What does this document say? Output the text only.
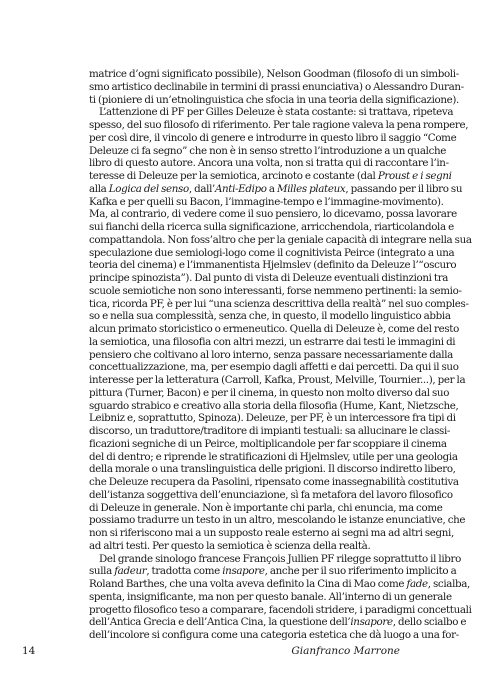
matrice d’ogni significato possibile), Nelson Goodman (filosofo di un simboli-
smo artistico declinabile in termini di prassi enunciativa) o Alessandro Duran-
ti (pioniere di un’etnolinguistica che sfocia in una teoria della significazione).
L’attenzione di PF per Gilles Deleuze è stata costante: si trattava, ripeteva
spesso, del suo filosofo di riferimento. Per tale ragione valeva la pena rompere,
per così dire, il vincolo di genere e introdurre in questo libro il saggio “Come
Deleuze ci fa segno” che non è in senso stretto l’introduzione a un qualche
libro di questo autore. Ancora una volta, non si tratta qui di raccontare l’in-
teresse di Deleuze per la semiotica, arcinoto e costante (dal Proust e i segni
alla Logica del senso, dall’Anti-Edipo a Milles plateux, passando per il libro su
Kafka e per quelli su Bacon, l’immagine-tempo e l’immagine-movimento).
Ma, al contrario, di vedere come il suo pensiero, lo dicevamo, possa lavorare
sui fianchi della ricerca sulla significazione, arricchendola, riarticolandola e
compattandola. Non foss’altro che per la geniale capacità di integrare nella sua
speculazione due semiologi-logo come il cognitivista Peirce (integrato a una
teoria del cinema) e l’immanentista Hjelmslev (definito da Deleuze l’“oscuro
principe spinozista”). Dal punto di vista di Deleuze eventuali distinzioni tra
scuole semiotiche non sono interessanti, forse nemmeno pertinenti: la semio-
tica, ricorda PF, è per lui “una scienza descrittiva della realtà” nel suo comples-
so e nella sua complessità, senza che, in questo, il modello linguistico abbia
alcun primato storicistico o ermeneutico. Quella di Deleuze è, come del resto
la semiotica, una filosofia con altri mezzi, un estrarre dai testi le immagini di
pensiero che coltivano al loro interno, senza passare necessariamente dalla
concettualizzazione, ma, per esempio dagli affetti e dai percetti. Da qui il suo
interesse per la letteratura (Carroll, Kafka, Proust, Melville, Tournier...), per la
pittura (Turner, Bacon) e per il cinema, in questo non molto diverso dal suo
sguardo strabico e creativo alla storia della filosofia (Hume, Kant, Nietzsche,
Leibniz e, soprattutto, Spinoza). Deleuze, per PF, è un intercessore fra tipi di
discorso, un traduttore/traditore di impianti testuali: sa allucinare le classi-
ficazioni segniche di un Peirce, moltiplicandole per far scoppiare il cinema
del di dentro; e riprende le stratificazioni di Hjelmslev, utile per una geologia
della morale o una translinguistica delle prigioni. Il discorso indiretto libero,
che Deleuze recupera da Pasolini, ripensato come inassegnabilità costitutiva
dell’istanza soggettiva dell’enunciazione, sì fa metafora del lavoro filosofico
di Deleuze in generale. Non è importante chi parla, chi enuncia, ma come
possiamo tradurre un testo in un altro, mescolando le istanze enunciative, che
non si riferiscono mai a un supposto reale esterno ai segni ma ad altri segni,
ad altri testi. Per questo la semiotica è scienza della realtà.
Del grande sinologo francese François Jullien PF rilegge soprattutto il libro
sulla fadeur, tradotta come insapore, anche per il suo riferimento implicito a
Roland Barthes, che una volta aveva definito la Cina di Mao come fade, scialba,
spenta, insignificante, ma non per questo banale. All’interno di un generale
progetto filosofico teso a comparare, facendoli stridere, i paradigmi concettuali
dell’Antica Grecia e dell’Antica Cina, la questione dell’insapore, dello scialbo e
dell’incolore si configura come una categoria estetica che dà luogo a una for-
14	Gianfranco Marrone
